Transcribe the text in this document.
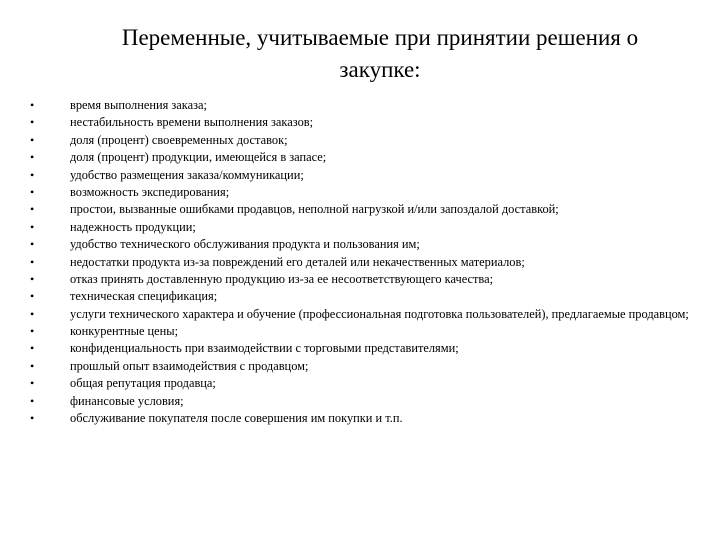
Переменные, учитываемые при принятии решения о
закупке:
•	время выполнения заказа;
•	нестабильность времени выполнения заказов;
•	доля (процент) своевременных доставок;
•	доля (процент) продукции, имеющейся в запасе;
•	удобство размещения заказа/коммуникации;
•	возможность экспедирования;
•	простои, вызванные ошибками продавцов, неполной нагрузкой и/или запоздалой доставкой;
•	надежность продукции;
•	удобство технического обслуживания продукта и пользования им;
•	недостатки продукта из-за повреждений его деталей или некачественных материалов;
•	отказ принять доставленную продукцию из-за ее несоответствующего качества;
•	техническая спецификация;
•	услуги технического характера и обучение (профессиональная подготовка пользователей), предлагаемые продавцом;
•	конкурентные цены;
•	конфиденциальность при взаимодействии с торговыми представителями;
•	прошлый опыт взаимодействия с продавцом;
•	общая репутация продавца;
•	финансовые условия;
•	обслуживание покупателя после совершения им покупки и т.п.
